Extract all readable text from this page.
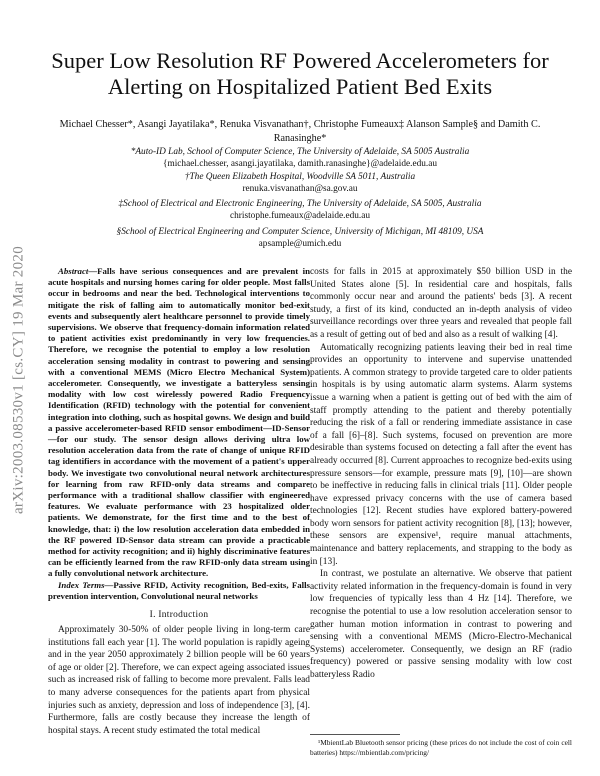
arXiv:2003.08530v1 [cs.CY] 19 Mar 2020
Super Low Resolution RF Powered Accelerometers for Alerting on Hospitalized Patient Bed Exits
Michael Chesser*, Asangi Jayatilaka*, Renuka Visvanathan†, Christophe Fumeaux‡ Alanson Sample§ and Damith C. Ranasinghe*

*Auto-ID Lab, School of Computer Science, The University of Adelaide, SA 5005 Australia

{michael.chesser, asangi.jayatilaka, damith.ranasinghe}@adelaide.edu.au

†The Queen Elizabeth Hospital, Woodville SA 5011, Australia

renuka.visvanathan@sa.gov.au

‡School of Electrical and Electronic Engineering, The University of Adelaide, SA 5005, Australia

christophe.fumeaux@adelaide.edu.au

§School of Electrical Engineering and Computer Science, University of Michigan, MI 48109, USA

apsample@umich.edu

Abstract—Falls have serious consequences and are prevalent in acute hospitals and nursing homes caring for older people. Most falls occur in bedrooms and near the bed. Technological interventions to mitigate the risk of falling aim to automatically monitor bed-exit events and subsequently alert healthcare personnel to provide timely supervisions. We observe that frequency-domain information related to patient activities exist predominantly in very low frequencies. Therefore, we recognise the potential to employ a low resolution acceleration sensing modality in contrast to powering and sensing with a conventional MEMS (Micro Electro Mechanical System) accelerometer. Consequently, we investigate a batteryless sensing modality with low cost wirelessly powered Radio Frequency Identification (RFID) technology with the potential for convenient integration into clothing, such as hospital gowns. We design and build a passive accelerometer-based RFID sensor embodiment—ID-Sensor—for our study. The sensor design allows deriving ultra low resolution acceleration data from the rate of change of unique RFID tag identifiers in accordance with the movement of a patient's upper body. We investigate two convolutional neural network architectures for learning from raw RFID-only data streams and compare performance with a traditional shallow classifier with engineered features. We evaluate performance with 23 hospitalized older patients. We demonstrate, for the first time and to the best of knowledge, that: i) the low resolution acceleration data embedded in the RF powered ID-Sensor data stream can provide a practicable method for activity recognition; and ii) highly discriminative features can be efficiently learned from the raw RFID-only data stream using a fully convolutional network architecture.

Index Terms—Passive RFID, Activity recognition, Bed-exits, Falls prevention intervention, Convolutional neural networks

I. Introduction

Approximately 30-50% of older people living in long-term care institutions fall each year [1]. The world population is rapidly ageing and in the year 2050 approximately 2 billion people will be 60 years of age or older [2]. Therefore, we can expect ageing associated issues such as increased risk of falling to become more prevalent. Falls lead to many adverse consequences for the patients apart from physical injuries such as anxiety, depression and loss of independence [3], [4]. Furthermore, falls are costly because they increase the length of hospital stays. A recent study estimated the total medical

costs for falls in 2015 at approximately $50 billion USD in the United States alone [5]. In residential care and hospitals, falls commonly occur near and around the patients' beds [3]. A recent study, a first of its kind, conducted an in-depth analysis of video surveillance recordings over three years and revealed that people fall as a result of getting out of bed and also as a result of walking [4].

Automatically recognizing patients leaving their bed in real time provides an opportunity to intervene and supervise unattended patients. A common strategy to provide targeted care to older patients in hospitals is by using automatic alarm systems. Alarm systems issue a warning when a patient is getting out of bed with the aim of staff promptly attending to the patient and thereby potentially reducing the risk of a fall or rendering immediate assistance in case of a fall [6]–[8]. Such systems, focused on prevention are more desirable than systems focused on detecting a fall after the event has already occurred [8]. Current approaches to recognize bed-exits using pressure sensors—for example, pressure mats [9], [10]—are shown to be ineffective in reducing falls in clinical trials [11]. Older people have expressed privacy concerns with the use of camera based technologies [12]. Recent studies have explored battery-powered body worn sensors for patient activity recognition [8], [13]; however, these sensors are expensive¹, require manual attachments, maintenance and battery replacements, and strapping to the body as in [13].

In contrast, we postulate an alternative. We observe that patient activity related information in the frequency-domain is found in very low frequencies of typically less than 4 Hz [14]. Therefore, we recognise the potential to use a low resolution acceleration sensor to gather human motion information in contrast to powering and sensing with a conventional MEMS (Micro-Electro-Mechanical Systems) accelerometer. Consequently, we design an RF (radio frequency) powered or passive sensing modality with low cost batteryless Radio

¹MbientLab Bluetooth sensor pricing (these prices do not include the cost of coin cell batteries) https://mbientlab.com/pricing/
